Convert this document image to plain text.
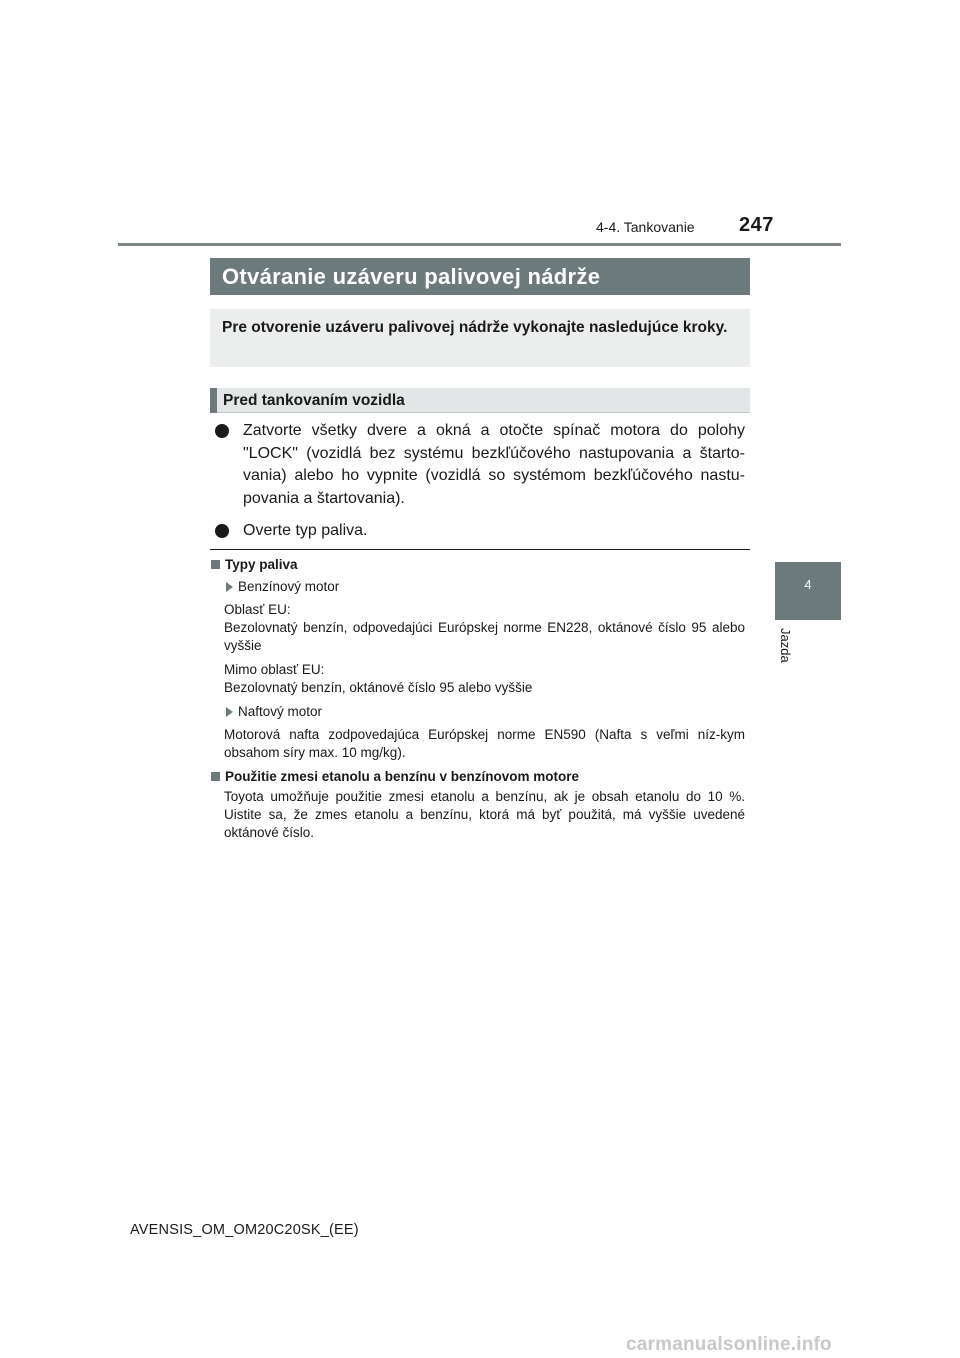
4-4. Tankovanie 247
4
Jazda
Otváranie uzáveru palivovej nádrže

Pre otvorenie uzáveru palivovej nádrže vykonajte nasledujúce kroky.

Pred tankovaním vozidla
Zatvorte všetky dvere a okná a otočte spínač motora do polohy "LOCK" (vozidlá bez systému bezkľúčového nastupovania a štarto-vania) alebo ho vypnite (vozidlá so systémom bezkľúčového nastu-povania a štartovania).
Overte typ paliva.

Typy paliva

Benzínový motor

Oblasť EU:
Bezolovnatý benzín, odpovedajúci Európskej norme EN228, oktánové číslo 95 alebo vyššie

Mimo oblasť EU:
Bezolovnatý benzín, oktánové číslo 95 alebo vyššie

Naftový motor

Motorová nafta zodpovedajúca Európskej norme EN590 (Nafta s veľmi níz-kym obsahom síry max. 10 mg/kg).

Použitie zmesi etanolu a benzínu v benzínovom motore

Toyota umožňuje použitie zmesi etanolu a benzínu, ak je obsah etanolu do 10 %. Uistite sa, že zmes etanolu a benzínu, ktorá má byť použitá, má vyššie uvedené oktánové číslo.

AVENSIS_OM_OM20C20SK_(EE)
carmanualsonline.info
